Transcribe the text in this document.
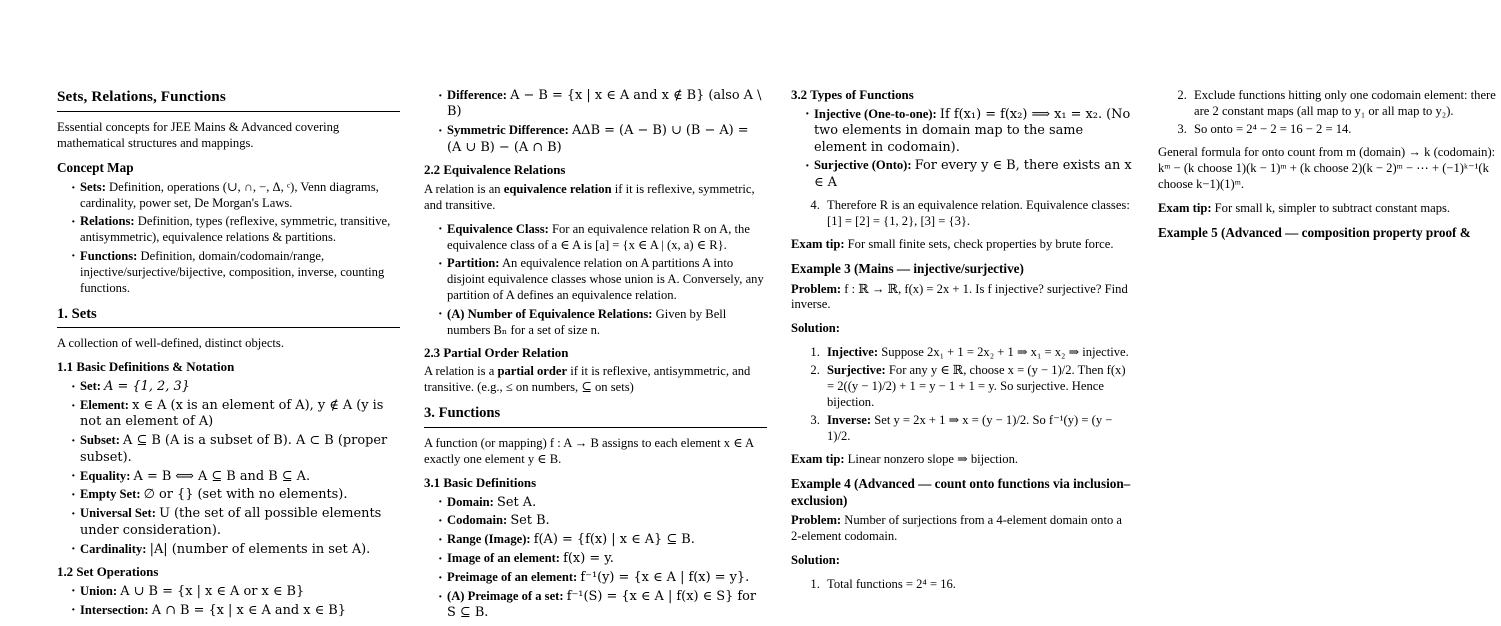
Sets, Relations, Functions

Essential concepts for JEE Mains & Advanced covering mathematical structures and mappings.

Concept Map
· Sets: Definition, operations (∪, ∩, −, Δ, ᶜ), Venn diagrams, cardinality, power set, De Morgan's Laws.
· Relations: Definition, types (reflexive, symmetric, transitive, antisymmetric), equivalence relations & partitions.
· Functions: Definition, domain/codomain/range, injective/surjective/bijective, composition, inverse, counting functions.
1. Sets

A collection of well-defined, distinct objects.

1.1 Basic Definitions & Notation
· Set: A = {1, 2, 3}
· Element: x ∈ A (x is an element of A), y ∉ A (y is not an element of A)
· Subset: A ⊆ B (A is a subset of B). A ⊂ B (proper subset).
· Equality: A = B ⟺ A ⊆ B and B ⊆ A.
· Empty Set: ∅ or {} (set with no elements).
· Universal Set: U (the set of all possible elements under consideration).
· Cardinality: |A| (number of elements in set A).
1.2 Set Operations
· Union: A ∪ B = {x | x ∈ A or x ∈ B}
· Intersection: A ∩ B = {x | x ∈ A and x ∈ B}
· Difference: A − B = {x | x ∈ A and x ∉ B} (also A \ B)
· Symmetric Difference: AΔB = (A − B) ∪ (B − A) = (A ∪ B) − (A ∩ B)
2.2 Equivalence Relations

A relation is an equivalence relation if it is reflexive, symmetric, and transitive.

· Equivalence Class: For an equivalence relation R on A, the equivalence class of a ∈ A is [a] = {x ∈ A | (x, a) ∈ R}.
· Partition: An equivalence relation on A partitions A into disjoint equivalence classes whose union is A. Conversely, any partition of A defines an equivalence relation.
· (A) Number of Equivalence Relations: Given by Bell numbers Bₙ for a set of size n.
2.3 Partial Order Relation

A relation is a partial order if it is reflexive, antisymmetric, and transitive. (e.g., ≤ on numbers, ⊆ on sets)

3. Functions

A function (or mapping) f : A → B assigns to each element x ∈ A exactly one element y ∈ B.

3.1 Basic Definitions
· Domain: Set A.
· Codomain: Set B.
· Range (Image): f(A) = {f(x) | x ∈ A} ⊆ B.
· Image of an element: f(x) = y.
· Preimage of an element: f⁻¹(y) = {x ∈ A | f(x) = y}.
· (A) Preimage of a set: f⁻¹(S) = {x ∈ A | f(x) ∈ S} for S ⊆ B.
3.2 Types of Functions
· Injective (One-to-one): If f(x₁) = f(x₂) ⟹ x₁ = x₂. (No two elements in domain map to the same element in codomain).
· Surjective (Onto): For every y ∈ B, there exists an x ∈ A
4. Therefore R is an equivalence relation. Equivalence classes: [1] = [2] = {1, 2}, [3] = {3}.

Exam tip: For small finite sets, check properties by brute force.

Example 3 (Mains — injective/surjective)

Problem: f : ℝ → ℝ, f(x) = 2x + 1. Is f injective? surjective? Find inverse.

Solution:

1. Injective: Suppose 2x₁ + 1 = 2x₂ + 1 ⇒ x₁ = x₂ ⇒ injective.
2. Surjective: For any y ∈ ℝ, choose x = (y − 1)/2. Then f(x) = 2((y − 1)/2) + 1 = y − 1 + 1 = y. So surjective. Hence bijection.
3. Inverse: Set y = 2x + 1 ⇒ x = (y − 1)/2. So f⁻¹(y) = (y − 1)/2.

Exam tip: Linear nonzero slope ⇒ bijection.

Example 4 (Advanced — count onto functions via inclusion–exclusion)

Problem: Number of surjections from a 4-element domain onto a 2-element codomain.

Solution:

1. Total functions = 2⁴ = 16.
2. Exclude functions hitting only one codomain element: there are 2 constant maps (all map to y₁ or all map to y₂).
3. So onto = 2⁴ − 2 = 16 − 2 = 14.

General formula for onto count from m (domain) → k (codomain): kᵐ − (k choose 1)(k − 1)ᵐ + (k choose 2)(k − 2)ᵐ − ⋯ + (−1)ᵏ⁻¹(k choose k−1)(1)ᵐ.

Exam tip: For small k, simpler to subtract constant maps.

Example 5 (Advanced — composition property proof &
